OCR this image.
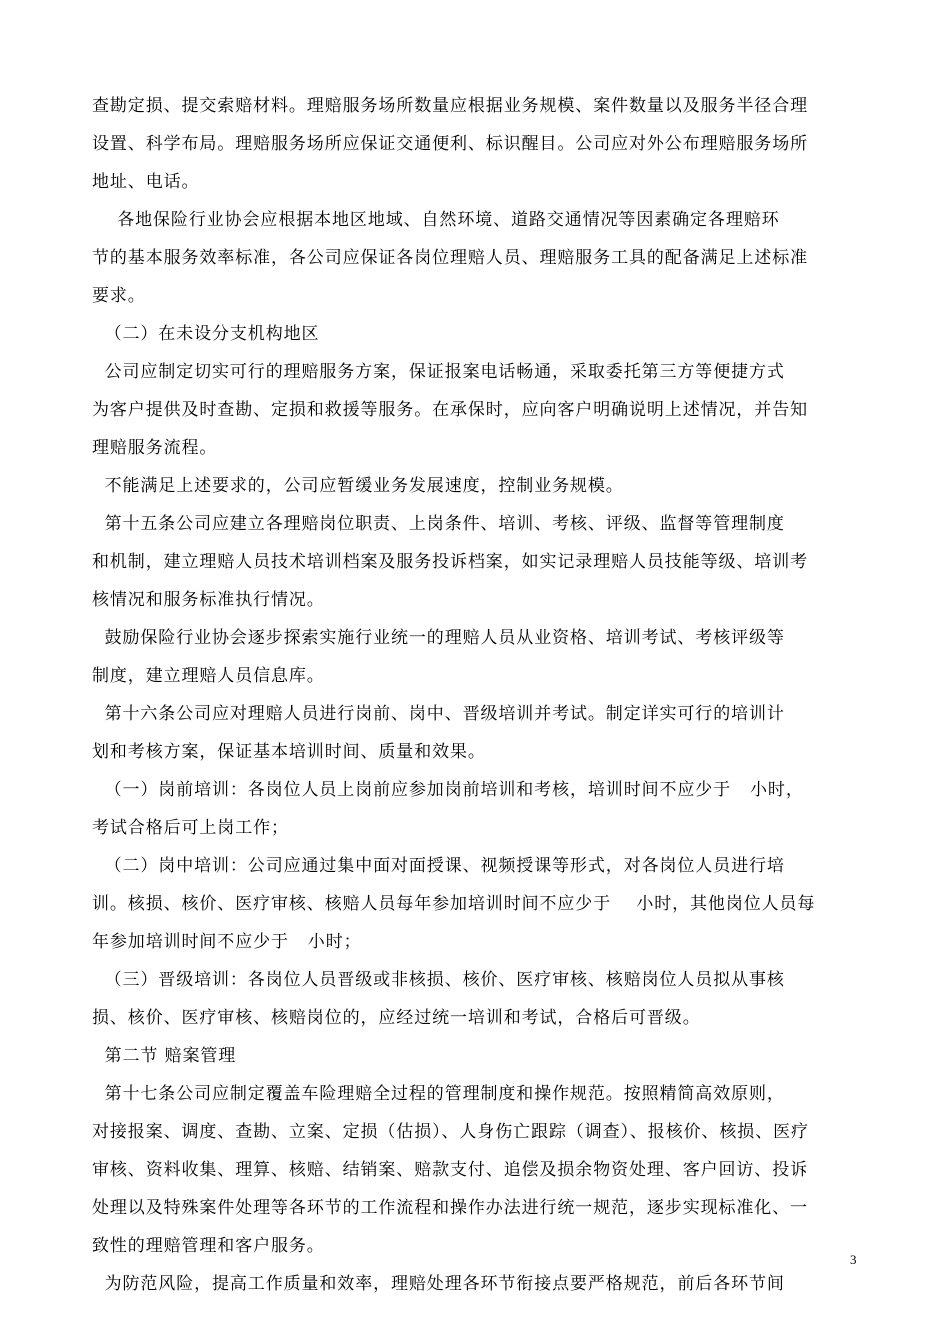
查勘定损、提交索赔材料。理赔服务场所数量应根据业务规模、案件数量以及服务半径合理
设置、科学布局。理赔服务场所应保证交通便利、标识醒目。公司应对外公布理赔服务场所
地址、电话。
各地保险行业协会应根据本地区地域、自然环境、道路交通情况等因素确定各理赔环
节的基本服务效率标准，各公司应保证各岗位理赔人员、理赔服务工具的配备满足上述标准
要求。
（二）在未设分支机构地区
公司应制定切实可行的理赔服务方案，保证报案电话畅通，采取委托第三方等便捷方式
为客户提供及时查勘、定损和救援等服务。在承保时，应向客户明确说明上述情况，并告知
理赔服务流程。
不能满足上述要求的，公司应暂缓业务发展速度，控制业务规模。
第十五条公司应建立各理赔岗位职责、上岗条件、培训、考核、评级、监督等管理制度
和机制，建立理赔人员技术培训档案及服务投诉档案，如实记录理赔人员技能等级、培训考
核情况和服务标准执行情况。
鼓励保险行业协会逐步探索实施行业统一的理赔人员从业资格、培训考试、考核评级等
制度，建立理赔人员信息库。
第十六条公司应对理赔人员进行岗前、岗中、晋级培训并考试。制定详实可行的培训计
划和考核方案，保证基本培训时间、质量和效果。
（一）岗前培训：各岗位人员上岗前应参加岗前培训和考核，培训时间不应少于   小时，
考试合格后可上岗工作；
（二）岗中培训：公司应通过集中面对面授课、视频授课等形式，对各岗位人员进行培
训。核损、核价、医疗审核、核赔人员每年参加培训时间不应少于    小时，其他岗位人员每
年参加培训时间不应少于   小时；
（三）晋级培训：各岗位人员晋级或非核损、核价、医疗审核、核赔岗位人员拟从事核
损、核价、医疗审核、核赔岗位的，应经过统一培训和考试，合格后可晋级。
第二节 赔案管理
第十七条公司应制定覆盖车险理赔全过程的管理制度和操作规范。按照精简高效原则，
对接报案、调度、查勘、立案、定损（估损）、人身伤亡跟踪（调查）、报核价、核损、医疗
审核、资料收集、理算、核赔、结销案、赔款支付、追偿及损余物资处理、客户回访、投诉
处理以及特殊案件处理等各环节的工作流程和操作办法进行统一规范，逐步实现标准化、一
致性的理赔管理和客户服务。
为防范风险，提高工作质量和效率，理赔处理各环节衔接点要严格规范，前后各环节间
3
